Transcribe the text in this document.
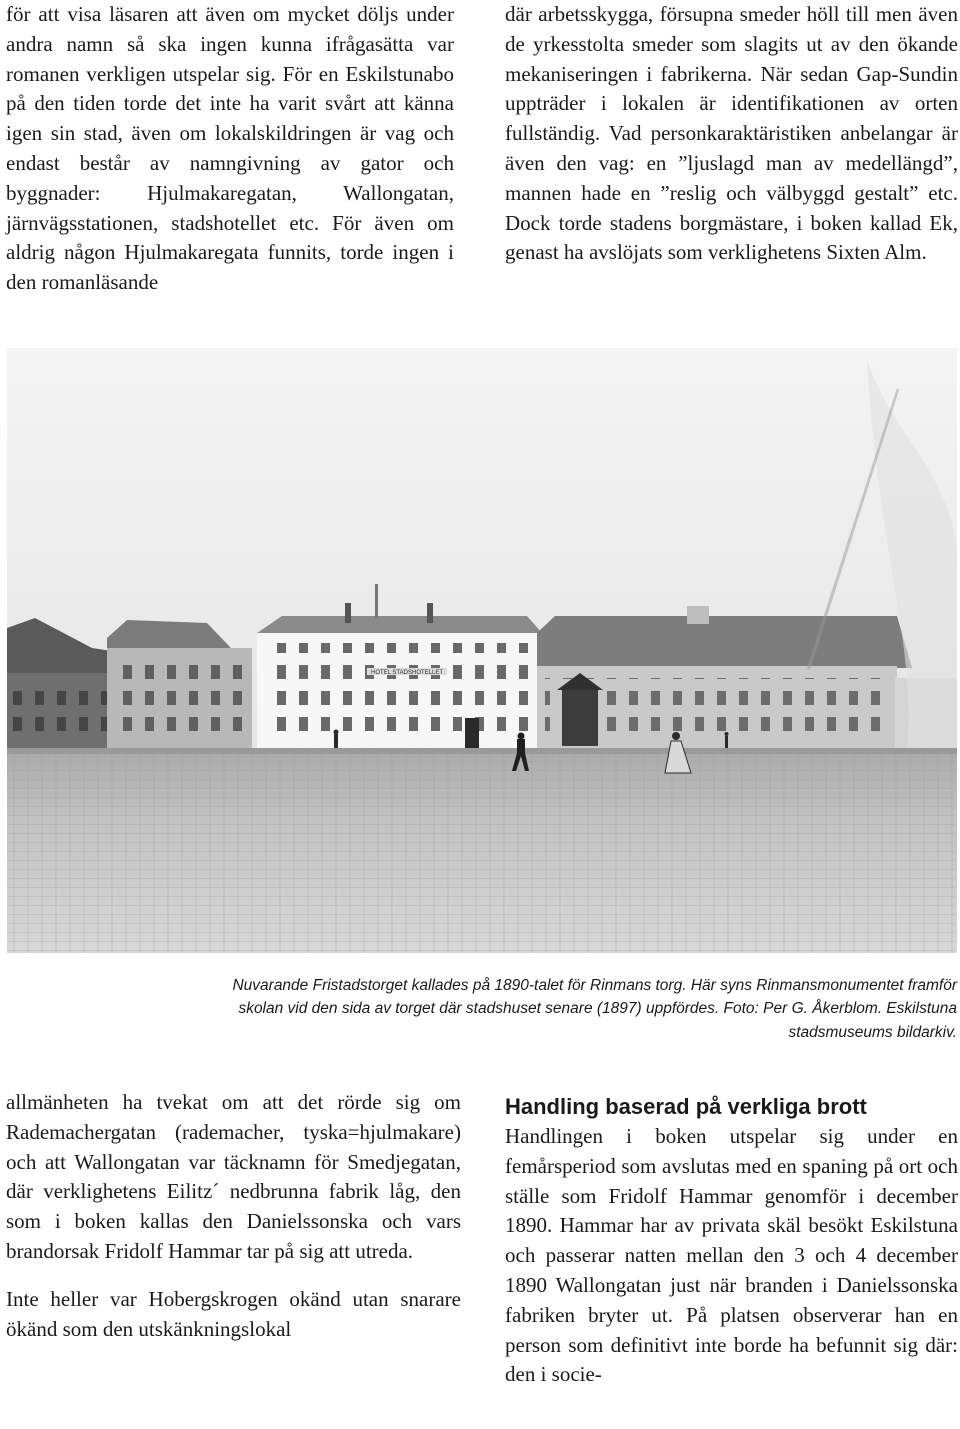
för att visa läsaren att även om mycket döljs under andra namn så ska ingen kunna ifrågasätta var romanen verkligen utspelar sig. För en Eskilstunabo på den tiden torde det inte ha varit svårt att känna igen sin stad, även om lokalskildringen är vag och endast består av namngivning av gator och byggnader: Hjulmakaregatan, Wallongatan, järnvägsstationen, stadshotellet etc. För även om aldrig någon Hjulmakaregata funnits, torde ingen i den romanläsande

där arbetsskygga, försupna smeder höll till men även de yrkesstolta smeder som slagits ut av den ökande mekaniseringen i fabrikerna. När sedan Gap-Sundin uppträder i lokalen är identifikationen av orten fullständig. Vad personkaraktäristiken anbelangar är även den vag: en ”ljuslagd man av medellängd”, mannen hade en ”reslig och välbyggd gestalt” etc. Dock torde stadens borgmästare, i boken kallad Ek, genast ha avslöjats som verklighetens Sixten Alm.

HOTEL STADSHOTELLET
Nuvarande Fristadstorget kallades på 1890-talet för Rinmans torg. Här syns Rinmansmonumentet framför skolan vid den sida av torget där stadshuset senare (1897) uppfördes. Foto: Per G. Åkerblom. Eskilstuna stadsmuseums bildarkiv.

allmänheten ha tvekat om att det rörde sig om Rademachergatan (rademacher, tyska=hjulmakare) och att Wallongatan var täcknamn för Smedjegatan, där verklighetens Eilitz´ nedbrunna fabrik låg, den som i boken kallas den Danielssonska och vars brandorsak Fridolf Hammar tar på sig att utreda.

Inte heller var Hobergskrogen okänd utan snarare ökänd som den utskänkningslokal

Handling baserad på verkliga brott

Handlingen i boken utspelar sig under en femårsperiod som avslutas med en spaning på ort och ställe som Fridolf Hammar genomför i december 1890. Hammar har av privata skäl besökt Eskilstuna och passerar natten mellan den 3 och 4 december 1890 Wallongatan just när branden i Danielssonska fabriken bryter ut. På platsen observerar han en person som definitivt inte borde ha befunnit sig där: den i socie-
